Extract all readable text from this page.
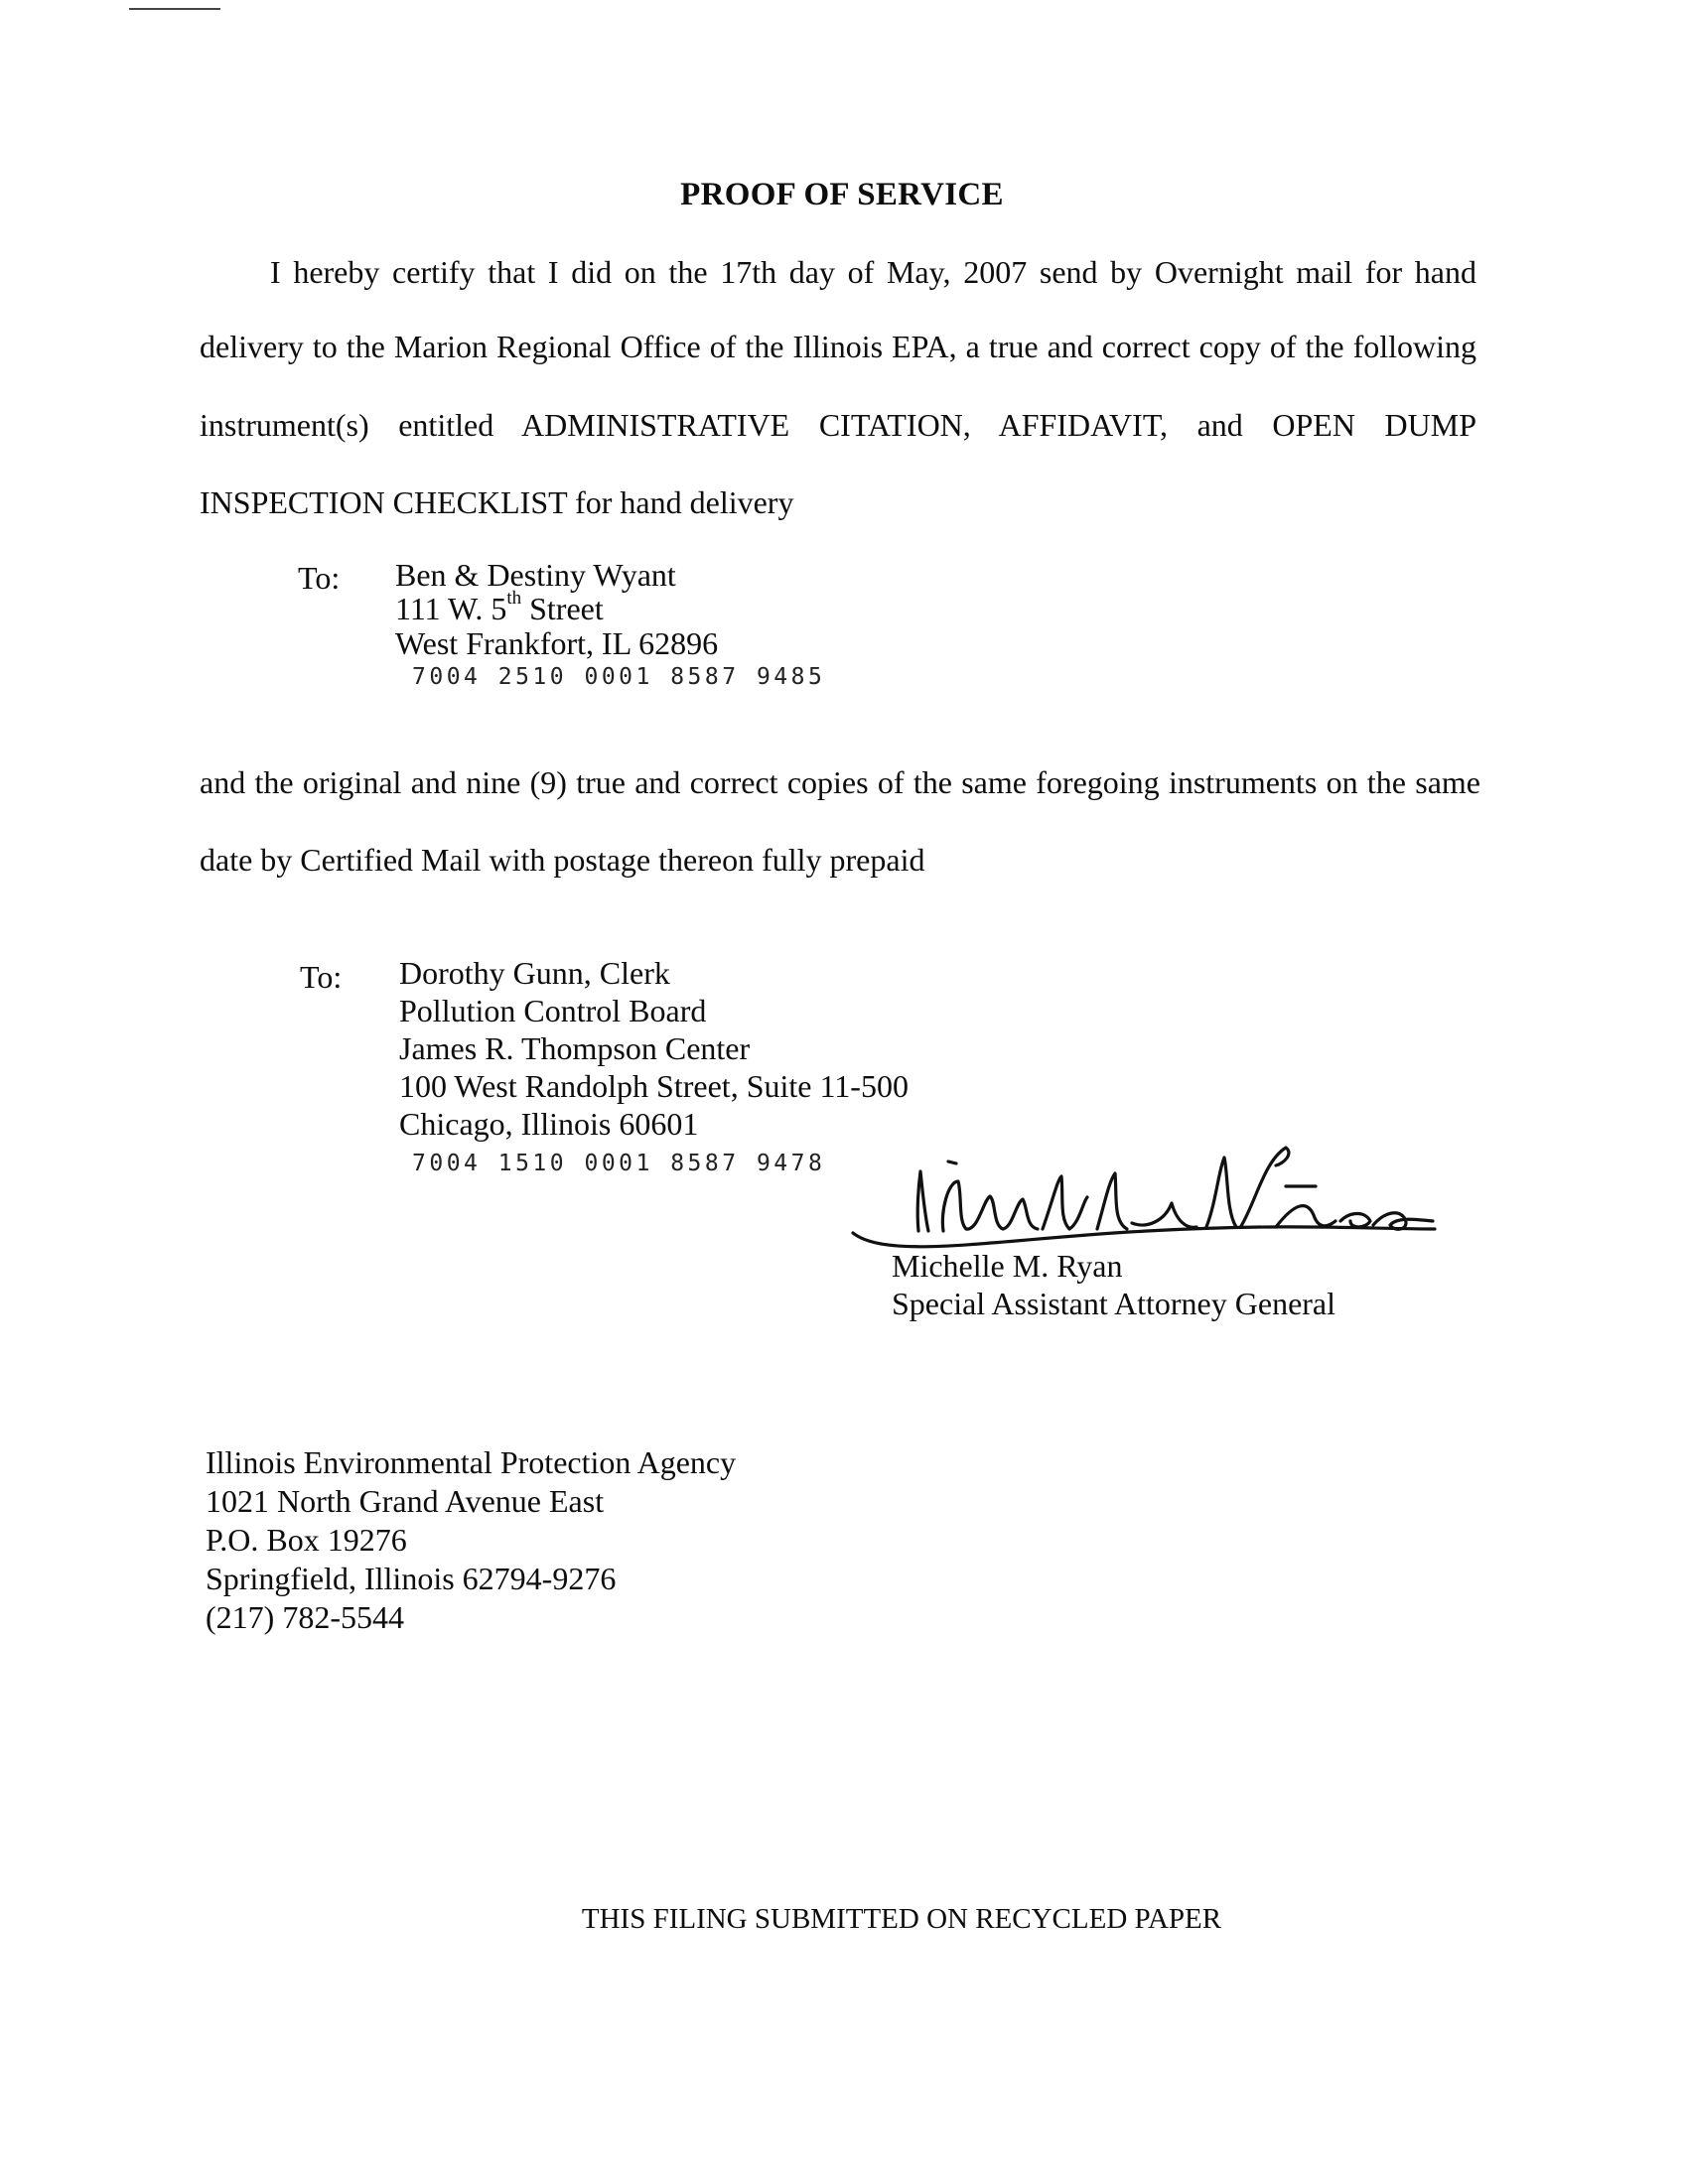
PROOF OF SERVICE
I hereby certify that I did on the 17th day of May, 2007 send by Overnight mail for hand
delivery to the Marion Regional Office of the Illinois EPA, a true and correct copy of the following
instrument(s) entitled ADMINISTRATIVE CITATION, AFFIDAVIT, and OPEN DUMP
INSPECTION CHECKLIST for hand delivery
To: Ben & Destiny Wyant
111 W. 5th Street
West Frankfort, IL 62896
7004 2510 0001 8587 9485
and the original and nine (9) true and correct copies of the same foregoing instruments on the same
date by Certified Mail with postage thereon fully prepaid
To: Dorothy Gunn, Clerk
Pollution Control Board
James R. Thompson Center
100 West Randolph Street, Suite 11-500
Chicago, Illinois 60601
7004 1510 0001 8587 9478
Michelle M. Ryan
Special Assistant Attorney General
Illinois Environmental Protection Agency
1021 North Grand Avenue East
P.O. Box 19276
Springfield, Illinois 62794-9276
(217) 782-5544
THIS FILING SUBMITTED ON RECYCLED PAPER
